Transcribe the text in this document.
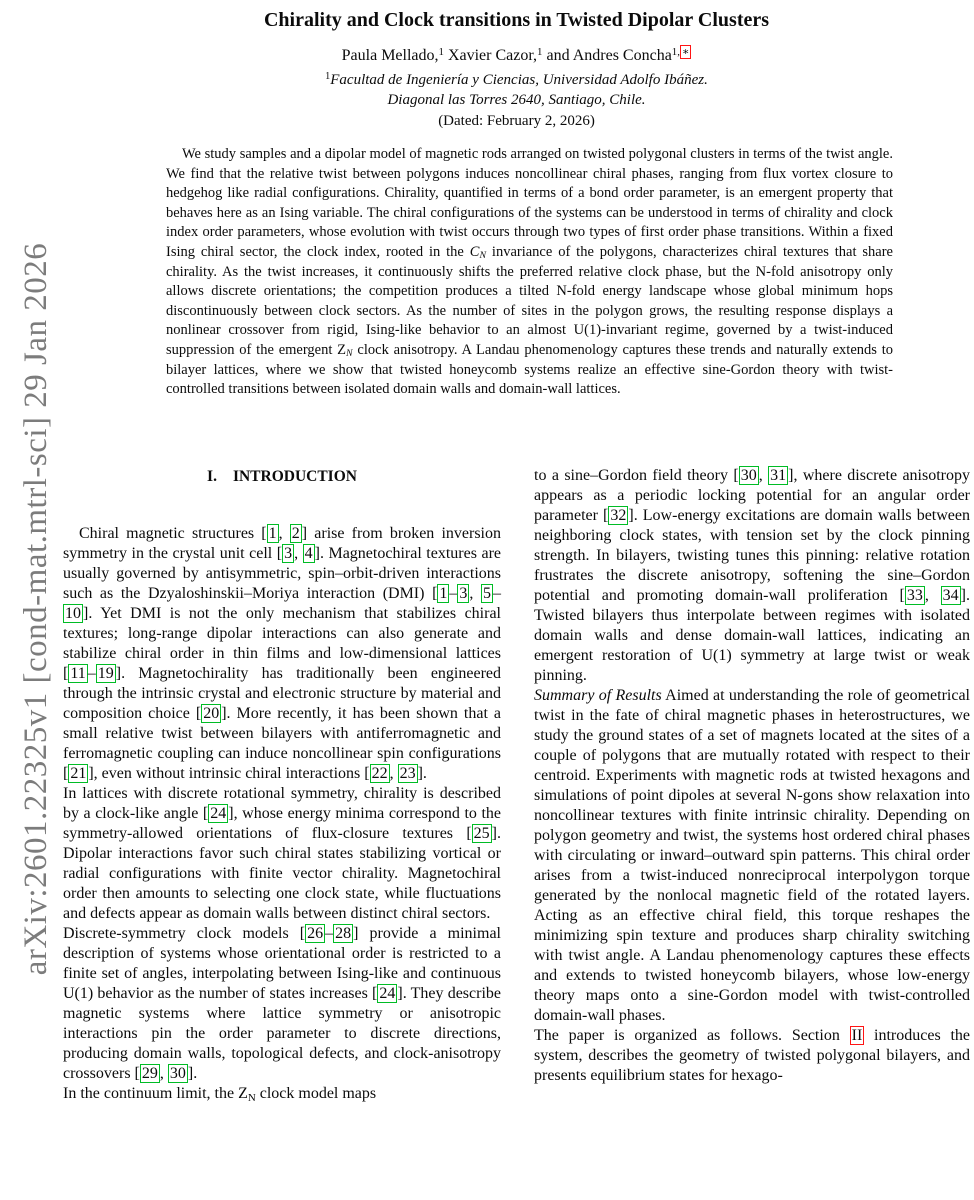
arXiv:2601.22325v1 [cond-mat.mtrl-sci] 29 Jan 2026
Chirality and Clock transitions in Twisted Dipolar Clusters
Paula Mellado,$^1$ Xavier Cazor,$^1$ and Andres Concha$^{1,}$ ∗
$^1$Facultad de Ingeniería y Ciencias, Universidad Adolfo Ibáñez.
Diagonal las Torres 2640, Santiago, Chile.
(Dated: February 2, 2026)
We study samples and a dipolar model of magnetic rods arranged on twisted polygonal clusters in terms of the twist angle. We find that the relative twist between polygons induces noncollinear chiral phases, ranging from flux vortex closure to hedgehog like radial configurations. Chirality, quantified in terms of a bond order parameter, is an emergent property that behaves here as an Ising variable. The chiral configurations of the systems can be understood in terms of chirality and clock index order parameters, whose evolution with twist occurs through two types of first order phase transitions. Within a fixed Ising chiral sector, the clock index, rooted in the CN invariance of the polygons, characterizes chiral textures that share chirality. As the twist increases, it continuously shifts the preferred relative clock phase, but the N-fold anisotropy only allows discrete orientations; the competition produces a tilted N-fold energy landscape whose global minimum hops discontinuously between clock sectors. As the number of sites in the polygon grows, the resulting response displays a nonlinear crossover from rigid, Ising-like behavior to an almost U(1)-invariant regime, governed by a twist-induced suppression of the emergent ZN clock anisotropy. A Landau phenomenology captures these trends and naturally extends to bilayer lattices, where we show that twisted honeycomb systems realize an effective sine-Gordon theory with twist-controlled transitions between isolated domain walls and domain-wall lattices.
I. INTRODUCTION

Chiral magnetic structures [ 1 , 2 ] arise from broken inversion symmetry in the crystal unit cell [ 3 , 4 ]. Magnetochiral textures are usually governed by antisymmetric, spin–orbit-driven interactions such as the Dzyaloshinskii–Moriya interaction (DMI) [ 1 – 3 , 5 –10 ]. Yet DMI is not the only mechanism that stabilizes chiral textures; long-range dipolar interactions can also generate and stabilize chiral order in thin films and low-dimensional lattices [ 11 – 19 ]. Magnetochirality has traditionally been engineered through the intrinsic crystal and electronic structure by material and composition choice [ 20 ]. More recently, it has been shown that a small relative twist between bilayers with antiferromagnetic and ferromagnetic coupling can induce noncollinear spin configurations [ 21 ], even without intrinsic chiral interactions [ 22 , 23 ].

In lattices with discrete rotational symmetry, chirality is described by a clock-like angle [ 24 ], whose energy minima correspond to the symmetry-allowed orientations of flux-closure textures [ 25 ]. Dipolar interactions favor such chiral states stabilizing vortical or radial configurations with finite vector chirality. Magnetochiral order then amounts to selecting one clock state, while fluctuations and defects appear as domain walls between distinct chiral sectors.

Discrete-symmetry clock models [ 26 – 28 ] provide a minimal description of systems whose orientational order is restricted to a finite set of angles, interpolating between Ising-like and continuous U(1) behavior as the number of states increases [ 24 ]. They describe magnetic systems where lattice symmetry or anisotropic interactions pin the order parameter to discrete directions, producing domain walls, topological defects, and clock-anisotropy crossovers [ 29 , 30 ].

In the continuum limit, the ZN clock model maps

to a sine–Gordon field theory [ 30 , 31 ], where discrete anisotropy appears as a periodic locking potential for an angular order parameter [ 32 ]. Low-energy excitations are domain walls between neighboring clock states, with tension set by the clock pinning strength. In bilayers, twisting tunes this pinning: relative rotation frustrates the discrete anisotropy, softening the sine–Gordon potential and promoting domain-wall proliferation [ 33 , 34 ]. Twisted bilayers thus interpolate between regimes with isolated domain walls and dense domain-wall lattices, indicating an emergent restoration of U(1) symmetry at large twist or weak pinning.

Summary of Results Aimed at understanding the role of geometrical twist in the fate of chiral magnetic phases in heterostructures, we study the ground states of a set of magnets located at the sites of a couple of polygons that are mutually rotated with respect to their centroid. Experiments with magnetic rods at twisted hexagons and simulations of point dipoles at several N-gons show relaxation into noncollinear textures with finite intrinsic chirality. Depending on polygon geometry and twist, the systems host ordered chiral phases with circulating or inward–outward spin patterns. This chiral order arises from a twist-induced nonreciprocal interpolygon torque generated by the nonlocal magnetic field of the rotated layers. Acting as an effective chiral field, this torque reshapes the minimizing spin texture and produces sharp chirality switching with twist angle. A Landau phenomenology captures these effects and extends to twisted honeycomb bilayers, whose low-energy theory maps onto a sine-Gordon model with twist-controlled domain-wall phases.

The paper is organized as follows. Section II introduces the system, describes the geometry of twisted polygonal bilayers, and presents equilibrium states for hexago-
